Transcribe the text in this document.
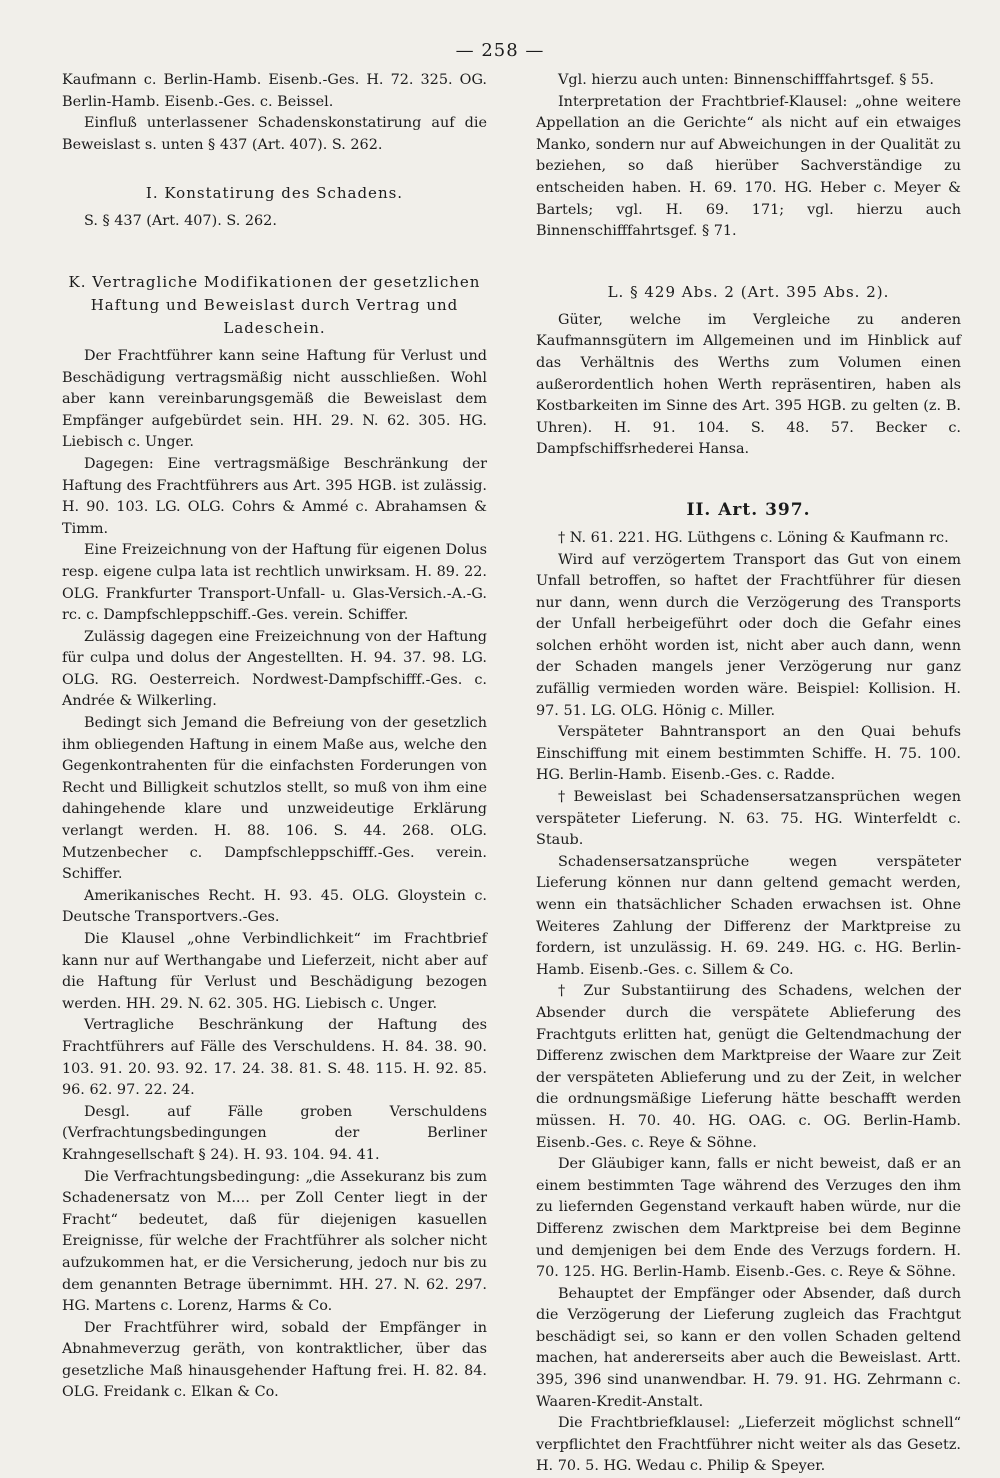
— 258 —

Kaufmann c. Berlin-Hamb. Eisenb.-Ges. H. 72. 325. OG. Berlin-Hamb. Eisenb.-Ges. c. Beissel.

Einfluß unterlassener Schadenskonstatirung auf die Beweislast s. unten § 437 (Art. 407). S. 262.

I. Konstatirung des Schadens.

S. § 437 (Art. 407). S. 262.

K. Vertragliche Modifikationen der gesetzlichen Haftung und Beweislast durch Vertrag und Ladeschein.

Der Frachtführer kann seine Haftung für Verlust und Beschädigung vertragsmäßig nicht ausschließen. Wohl aber kann vereinbarungsgemäß die Beweislast dem Empfänger aufgebürdet sein. HH. 29. N. 62. 305. HG. Liebisch c. Unger.

Dagegen: Eine vertragsmäßige Beschränkung der Haftung des Frachtführers aus Art. 395 HGB. ist zulässig. H. 90. 103. LG. OLG. Cohrs & Ammé c. Abrahamsen & Timm.

Eine Freizeichnung von der Haftung für eigenen Dolus resp. eigene culpa lata ist rechtlich unwirksam. H. 89. 22. OLG. Frankfurter Transport-Unfall- u. Glas-Versich.-A.-G. rc. c. Dampfschleppschiff.-Ges. verein. Schiffer.

Zulässig dagegen eine Freizeichnung von der Haftung für culpa und dolus der Angestellten. H. 94. 37. 98. LG. OLG. RG. Oesterreich. Nordwest-Dampfschifff.-Ges. c. Andrée & Wilkerling.

Bedingt sich Jemand die Befreiung von der gesetzlich ihm obliegenden Haftung in einem Maße aus, welche den Gegenkontrahenten für die einfachsten Forderungen von Recht und Billigkeit schutzlos stellt, so muß von ihm eine dahingehende klare und unzweideutige Erklärung verlangt werden. H. 88. 106. S. 44. 268. OLG. Mutzenbecher c. Dampfschleppschifff.-Ges. verein. Schiffer.

Amerikanisches Recht. H. 93. 45. OLG. Gloystein c. Deutsche Transportvers.-Ges.

Die Klausel „ohne Verbindlichkeit“ im Frachtbrief kann nur auf Werthangabe und Lieferzeit, nicht aber auf die Haftung für Verlust und Beschädigung bezogen werden. HH. 29. N. 62. 305. HG. Liebisch c. Unger.

Vertragliche Beschränkung der Haftung des Frachtführers auf Fälle des Verschuldens. H. 84. 38. 90. 103. 91. 20. 93. 92. 17. 24. 38. 81. S. 48. 115. H. 92. 85. 96. 62. 97. 22. 24.

Desgl. auf Fälle groben Verschuldens (Verfrachtungsbedingungen der Berliner Krahngesellschaft § 24). H. 93. 104. 94. 41.

Die Verfrachtungsbedingung: „die Assekuranz bis zum Schadenersatz von M.... per Zoll Center liegt in der Fracht“ bedeutet, daß für diejenigen kasuellen Ereignisse, für welche der Frachtführer als solcher nicht aufzukommen hat, er die Versicherung, jedoch nur bis zu dem genannten Betrage übernimmt. HH. 27. N. 62. 297. HG. Martens c. Lorenz, Harms & Co.

Der Frachtführer wird, sobald der Empfänger in Abnahmeverzug geräth, von kontraktlicher, über das gesetzliche Maß hinausgehender Haftung frei. H. 82. 84. OLG. Freidank c. Elkan & Co.

Vgl. hierzu auch unten: Binnenschifffahrtsgef. § 55.

Interpretation der Frachtbrief-Klausel: „ohne weitere Appellation an die Gerichte“ als nicht auf ein etwaiges Manko, sondern nur auf Abweichungen in der Qualität zu beziehen, so daß hierüber Sachverständige zu entscheiden haben. H. 69. 170. HG. Heber c. Meyer & Bartels; vgl. H. 69. 171; vgl. hierzu auch Binnenschifffahrtsgef. § 71.

L. § 429 Abs. 2 (Art. 395 Abs. 2).

Güter, welche im Vergleiche zu anderen Kaufmannsgütern im Allgemeinen und im Hinblick auf das Verhältnis des Werths zum Volumen einen außerordentlich hohen Werth repräsentiren, haben als Kostbarkeiten im Sinne des Art. 395 HGB. zu gelten (z. B. Uhren). H. 91. 104. S. 48. 57. Becker c. Dampfschiffsrhederei Hansa.

II. Art. 397.

† N. 61. 221. HG. Lüthgens c. Löning & Kaufmann rc.

Wird auf verzögertem Transport das Gut von einem Unfall betroffen, so haftet der Frachtführer für diesen nur dann, wenn durch die Verzögerung des Transports der Unfall herbeigeführt oder doch die Gefahr eines solchen erhöht worden ist, nicht aber auch dann, wenn der Schaden mangels jener Verzögerung nur ganz zufällig vermieden worden wäre. Beispiel: Kollision. H. 97. 51. LG. OLG. Hönig c. Miller.

Verspäteter Bahntransport an den Quai behufs Einschiffung mit einem bestimmten Schiffe. H. 75. 100. HG. Berlin-Hamb. Eisenb.-Ges. c. Radde.

†Beweislast bei Schadensersatzansprüchen wegen verspäteter Lieferung. N. 63. 75. HG. Winterfeldt c. Staub.

Schadensersatzansprüche wegen verspäteter Lieferung können nur dann geltend gemacht werden, wenn ein thatsächlicher Schaden erwachsen ist. Ohne Weiteres Zahlung der Differenz der Marktpreise zu fordern, ist unzulässig. H. 69. 249. HG. c. HG. Berlin-Hamb. Eisenb.-Ges. c. Sillem & Co.

† Zur Substantiirung des Schadens, welchen der Absender durch die verspätete Ablieferung des Frachtguts erlitten hat, genügt die Geltendmachung der Differenz zwischen dem Marktpreise der Waare zur Zeit der verspäteten Ablieferung und zu der Zeit, in welcher die ordnungsmäßige Lieferung hätte beschafft werden müssen. H. 70. 40. HG. OAG. c. OG. Berlin-Hamb. Eisenb.-Ges. c. Reye & Söhne.

Der Gläubiger kann, falls er nicht beweist, daß er an einem bestimmten Tage während des Verzuges den ihm zu liefernden Gegenstand verkauft haben würde, nur die Differenz zwischen dem Marktpreise bei dem Beginne und demjenigen bei dem Ende des Verzugs fordern. H. 70. 125. HG. Berlin-Hamb. Eisenb.-Ges. c. Reye & Söhne.

Behauptet der Empfänger oder Absender, daß durch die Verzögerung der Lieferung zugleich das Frachtgut beschädigt sei, so kann er den vollen Schaden geltend machen, hat andererseits aber auch die Beweislast. Artt. 395, 396 sind unanwendbar. H. 79. 91. HG. Zehrmann c. Waaren-Kredit-Anstalt.

Die Frachtbriefklausel: „Lieferzeit möglichst schnell“ verpflichtet den Frachtführer nicht weiter als das Gesetz. H. 70. 5. HG. Wedau c. Philip & Speyer.
